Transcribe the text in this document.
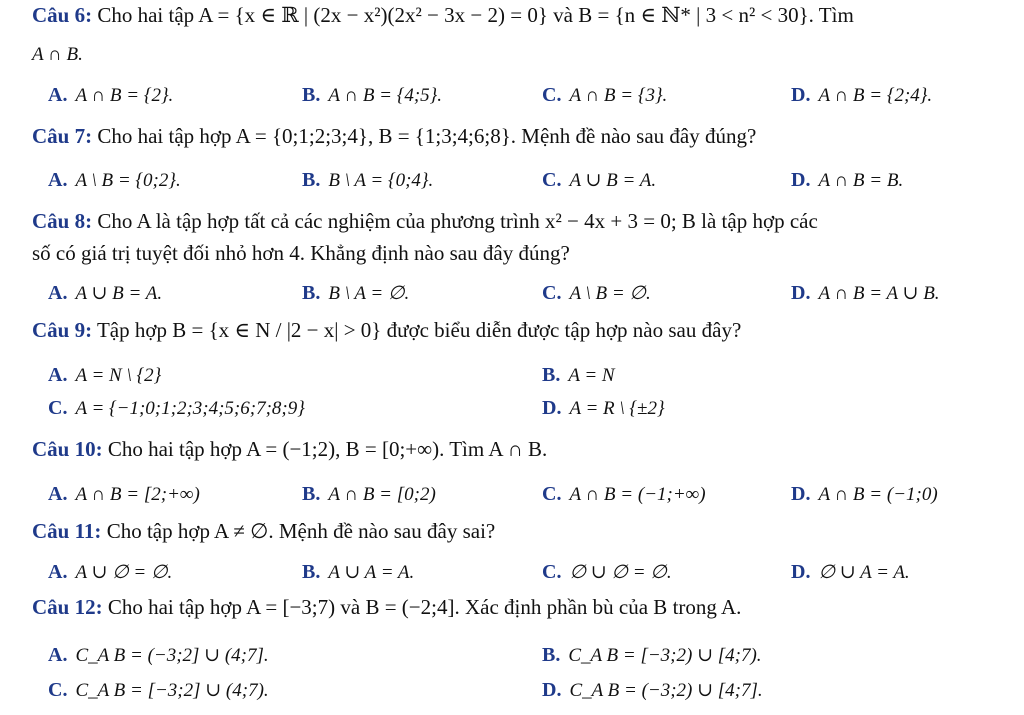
Câu 6: Cho hai tập A = {x ∈ ℝ | (2x − x²)(2x² − 3x − 2) = 0} và B = {n ∈ ℕ* | 3 < n² < 30}. Tìm
A ∩ B.
A. A ∩ B = {2}.	B. A ∩ B = {4;5}.	C. A ∩ B = {3}.	D. A ∩ B = {2;4}.
Câu 7: Cho hai tập hợp A = {0;1;2;3;4}, B = {1;3;4;6;8}. Mệnh đề nào sau đây đúng?
A. A \ B = {0;2}.	B. B \ A = {0;4}.	C. A ∪ B = A.	D. A ∩ B = B.
Câu 8: Cho A là tập hợp tất cả các nghiệm của phương trình x² − 4x + 3 = 0; B là tập hợp các
số có giá trị tuyệt đối nhỏ hơn 4. Khẳng định nào sau đây đúng?
A. A ∪ B = A.	B. B \ A = ∅.	C. A \ B = ∅.	D. A ∩ B = A ∪ B.
Câu 9: Tập hợp B = {x ∈ N / |2 − x| > 0} được biểu diễn được tập hợp nào sau đây?
A. A = N \ {2}	B. A = N
C. A = {−1;0;1;2;3;4;5;6;7;8;9}	D. A = R \ {±2}
Câu 10: Cho hai tập hợp A = (−1;2), B = [0;+∞). Tìm A ∩ B.
A. A ∩ B = [2;+∞)	B. A ∩ B = [0;2)	C. A ∩ B = (−1;+∞)	D. A ∩ B = (−1;0)
Câu 11: Cho tập hợp A ≠ ∅. Mệnh đề nào sau đây sai?
A. A ∪ ∅ = ∅.	B. A ∪ A = A.	C. ∅ ∪ ∅ = ∅.	D. ∅ ∪ A = A.
Câu 12: Cho hai tập hợp A = [−3;7) và B = (−2;4]. Xác định phần bù của B trong A.
A. C_A B = (−3;2] ∪ (4;7].	B. C_A B = [−3;2) ∪ [4;7).
C. C_A B = [−3;2] ∪ (4;7).	D. C_A B = (−3;2) ∪ [4;7].
